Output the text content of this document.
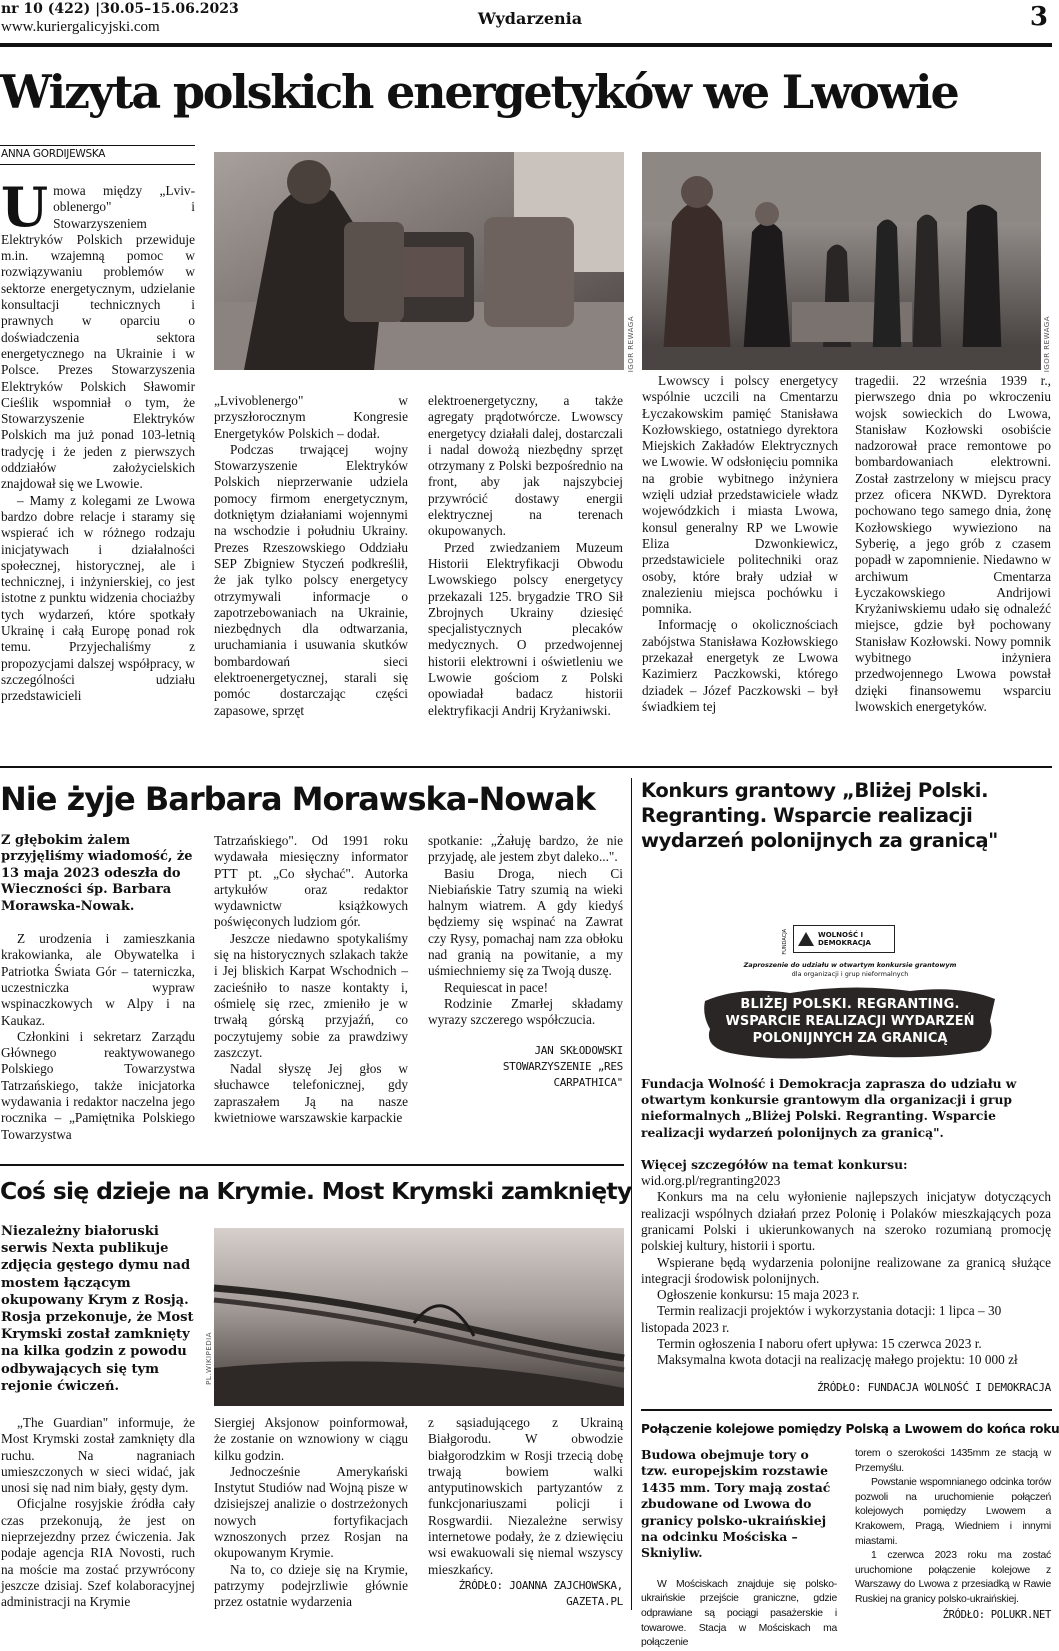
nr 10 (422) |30.05–15.06.2023
www.kuriergalicyjski.com	Wydarzenia	3
Wizyta polskich energetyków we Lwowie
ANNA GORDIJEWSKA

Umowa między „Lvivoblenergo" i Stowarzyszeniem Elektryków Polskich przewiduje m.in. wzajemną pomoc w rozwiązywaniu problemów w sektorze energetycznym, udzielanie konsultacji technicznych i prawnych w oparciu o doświadczenia sektora energetycznego na Ukrainie i w Polsce. Prezes Stowarzyszenia Elektryków Polskich Sławomir Cieślik wspomniał o tym, że Stowarzyszenie Elektryków Polskich ma już ponad 103-letnią tradycję i że jeden z pierwszych oddziałów założycielskich znajdował się we Lwowie.

– Mamy z kolegami ze Lwowa bardzo dobre relacje i staramy się wspierać ich w różnego rodzaju inicjatywach i działalności społecznej, historycznej, ale i technicznej, i inżynierskiej, co jest istotne z punktu widzenia chociażby tych wydarzeń, które spotkały Ukrainę i całą Europę ponad rok temu. Przyjechaliśmy z propozycjami dalszej współpracy, w szczególności udziału przedstawicieli

IGOR REWAGA	IGOR REWAGA

„Lvivoblenergo" w przyszłorocznym Kongresie Energetyków Polskich – dodał.

Podczas trwającej wojny Stowarzyszenie Elektryków Polskich nieprzerwanie udziela pomocy firmom energetycznym, dotkniętym działaniami wojennymi na wschodzie i południu Ukrainy. Prezes Rzeszowskiego Oddziału SEP Zbigniew Styczeń podkreślił, że jak tylko polscy energetycy otrzymywali informacje o zapotrzebowaniach na Ukrainie, niezbędnych dla odtwarzania, uruchamiania i usuwania skutków bombardowań sieci elektroenergetycznej, starali się pomóc dostarczając części zapasowe, sprzęt

elektroenergetyczny, a także agregaty prądotwórcze. Lwowscy energetycy działali dalej, dostarczali i nadal dowożą niezbędny sprzęt otrzymany z Polski bezpośrednio na front, aby jak najszybciej przywrócić dostawy energii elektrycznej na terenach okupowanych.

Przed zwiedzaniem Muzeum Historii Elektryfikacji Obwodu Lwowskiego polscy energetycy przekazali 125. brygadzie TRO Sił Zbrojnych Ukrainy dziesięć specjalistycznych plecaków medycznych. O przedwojennej historii elektrowni i oświetleniu we Lwowie gościom z Polski opowiadał badacz historii elektryfikacji Andrij Kryżaniwski.

Lwowscy i polscy energetycy wspólnie uczcili na Cmentarzu Łyczakowskim pamięć Stanisława Kozłowskiego, ostatniego dyrektora Miejskich Zakładów Elektrycznych we Lwowie. W odsłonięciu pomnika na grobie wybitnego inżyniera wzięli udział przedstawiciele władz wojewódzkich i miasta Lwowa, konsul generalny RP we Lwowie Eliza Dzwonkiewicz, przedstawiciele politechniki oraz osoby, które brały udział w znalezieniu miejsca pochówku i pomnika.

Informację o okolicznościach zabójstwa Stanisława Kozłowskiego przekazał energetyk ze Lwowa Kazimierz Paczkowski, którego dziadek – Józef Paczkowski – był świadkiem tej

tragedii. 22 września 1939 r., pierwszego dnia po wkroczeniu wojsk sowieckich do Lwowa, Stanisław Kozłowski osobiście nadzorował prace remontowe po bombardowaniach elektrowni. Został zastrzelony w miejscu pracy przez oficera NKWD. Dyrektora pochowano tego samego dnia, żonę Kozłowskiego wywieziono na Syberię, a jego grób z czasem popadł w zapomnienie. Niedawno w archiwum Cmentarza Łyczakowskiego Andrijowi Kryżaniwskiemu udało się odnaleźć miejsce, gdzie był pochowany Stanisław Kozłowski. Nowy pomnik wybitnego inżyniera przedwojennego Lwowa powstał dzięki finansowemu wsparciu lwowskich energetyków.

Nie żyje Barbara Morawska-Nowak

Z głębokim żalem przyjęliśmy wiadomość, że 13 maja 2023 odeszła do Wieczności śp. Barbara Morawska-Nowak.

Z urodzenia i zamieszkania krakowianka, ale Obywatelka i Patriotka Świata Gór – taterniczka, uczestniczka wypraw wspinaczkowych w Alpy i na Kaukaz.

Członkini i sekretarz Zarządu Głównego reaktywowanego Polskiego Towarzystwa Tatrzańskiego, także inicjatorka wydawania i redaktor naczelna jego rocznika – „Pamiętnika Polskiego Towarzystwa

Tatrzańskiego". Od 1991 roku wydawała miesięczny informator PTT pt. „Co słychać". Autorka artykułów oraz redaktor wydawnictw książkowych poświęconych ludziom gór.

Jeszcze niedawno spotykaliśmy się na historycznych szlakach także i Jej bliskich Karpat Wschodnich – zacieśniło to nasze kontakty i, ośmielę się rzec, zmieniło je w trwałą górską przyjaźń, co poczytujemy sobie za prawdziwy zaszczyt.

Nadal słyszę Jej głos w słuchawce telefonicznej, gdy zapraszałem Ją na nasze kwietniowe warszawskie karpackie

spotkanie: „Żałuję bardzo, że nie przyjadę, ale jestem zbyt daleko...".

Basiu Droga, niech Ci Niebiańskie Tatry szumią na wieki halnym wiatrem. A gdy kiedyś będziemy się wspinać na Zawrat czy Rysy, pomachaj nam zza obłoku nad granią na powitanie, a my uśmiechniemy się za Twoją duszę.

Requiescat in pace!

Rodzinie Zmarłej składamy wyrazy szczerego współczucia.

JAN SKŁODOWSKI
STOWARZYSZENIE „RES CARPATHICA"
Konkurs grantowy „Bliżej Polski. Regranting. Wsparcie realizacji wydarzeń polonijnych za granicą"
FUNDACJA	WOLNOŚĆ I DEMOKRACJA
Zaproszenie do udziału w otwartym konkursie grantowym
dla organizacji i grup nieformalnych
BLIŻEJ POLSKI. REGRANTING.
WSPARCIE REALIZACJI WYDARZEŃ
POLONIJNYCH ZA GRANICĄ

Fundacja Wolność i Demokracja zaprasza do udziału w otwartym konkursie grantowym dla organizacji i grup nieformalnych „Bliżej Polski. Regranting. Wsparcie realizacji wydarzeń polonijnych za granicą".

Więcej szczegółów na temat konkursu:

wid.org.pl/regranting2023

Konkurs ma na celu wyłonienie najlepszych inicjatyw dotyczących realizacji wspólnych działań przez Polonię i Polaków mieszkających poza granicami Polski i ukierunkowanych na szeroko rozumianą promocję polskiej kultury, historii i sportu.

Wspierane będą wydarzenia polonijne realizowane za granicą służące integracji środowisk polonijnych.

Ogłoszenie konkursu: 15 maja 2023 r.

Termin realizacji projektów i wykorzystania dotacji: 1 lipca – 30 listopada 2023 r.

Termin ogłoszenia I naboru ofert upływa: 15 czerwca 2023 r.

Maksymalna kwota dotacji na realizację małego projektu: 10 000 zł

ŹRÓDŁO: FUNDACJA WOLNOŚĆ I DEMOKRACJA
Coś się dzieje na Krymie. Most Krymski zamknięty

Niezależny białoruski serwis Nexta publikuje zdjęcia gęstego dymu nad mostem łączącym okupowany Krym z Rosją. Rosja przekonuje, że Most Krymski został zamknięty na kilka godzin z powodu odbywających się tym rejonie ćwiczeń.

PL.WIKIPEDIA

„The Guardian" informuje, że Most Krymski został zamknięty dla ruchu. Na nagraniach umieszczonych w sieci widać, jak unosi się nad nim biały, gęsty dym.

Oficjalne rosyjskie źródła cały czas przekonują, że jest on nieprzejezdny przez ćwiczenia. Jak podaje agencja RIA Novosti, ruch na moście ma zostać przywrócony jeszcze dzisiaj. Szef kolaboracyjnej administracji na Krymie

Siergiej Aksjonow poinformował, że zostanie on wznowiony w ciągu kilku godzin.

Jednocześnie Amerykański Instytut Studiów nad Wojną pisze w dzisiejszej analizie o dostrzeżonych nowych fortyfikacjach wznoszonych przez Rosjan na okupowanym Krymie.

Na to, co dzieje się na Krymie, patrzymy podejrzliwie głównie przez ostatnie wydarzenia

z sąsiadującego z Ukrainą Białgorodu. W obwodzie białgorodzkim w Rosji trzecią dobę trwają bowiem walki antyputinowskich partyzantów z funkcjonariuszami policji i Rosgwardii. Niezależne serwisy internetowe podały, że z dziewięciu wsi ewakuowali się niemal wszyscy mieszkańcy.

ŹRÓDŁO: JOANNA ZAJCHOWSKA,
GAZETA.PL
Połączenie kolejowe pomiędzy Polską a Lwowem do końca roku

Budowa obejmuje tory o tzw. europejskim rozstawie 1435 mm. Tory mają zostać zbudowane od Lwowa do granicy polsko-ukraińskiej na odcinku Mościska – Skniyliw.

W Mościskach znajduje się polsko-ukraińskie przejście graniczne, gdzie odprawiane są pociągi pasażerskie i towarowe. Stacja w Mościskach ma połączenie

torem o szerokości 1435mm ze stacją w Przemyślu.

Powstanie wspomnianego odcinka torów pozwoli na uruchomienie połączeń kolejowych pomiędzy Lwowem a Krakowem, Pragą, Wiedniem i innymi miastami.

1 czerwca 2023 roku ma zostać uruchomione połączenie kolejowe z Warszawy do Lwowa z przesiadką w Rawie Ruskiej na granicy polsko-ukraińskiej.

ŹRÓDŁO: POLUKR.NET
